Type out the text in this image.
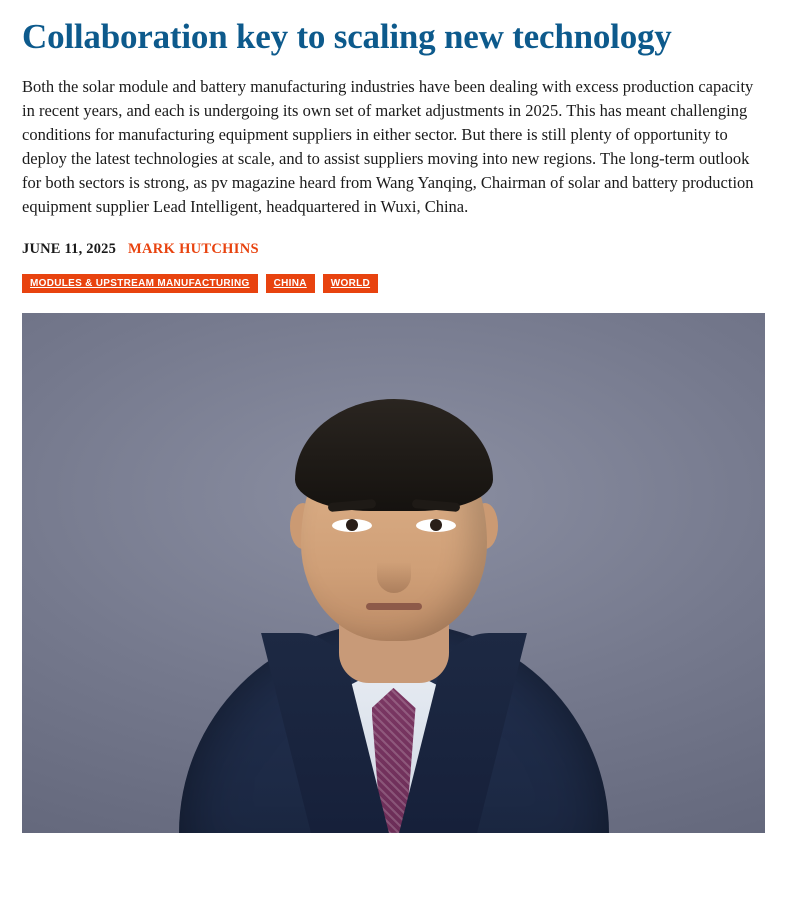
Collaboration key to scaling new technology

Both the solar module and battery manufacturing industries have been dealing with excess production capacity in recent years, and each is undergoing its own set of market adjustments in 2025. This has meant challenging conditions for manufacturing equipment suppliers in either sector. But there is still plenty of opportunity to deploy the latest technologies at scale, and to assist suppliers moving into new regions. The long-term outlook for both sectors is strong, as pv magazine heard from Wang Yanqing, Chairman of solar and battery production equipment supplier Lead Intelligent, headquartered in Wuxi, China.

JUNE 11, 2025 MARK HUTCHINS
MODULES & UPSTREAM MANUFACTURING	CHINA	WORLD
